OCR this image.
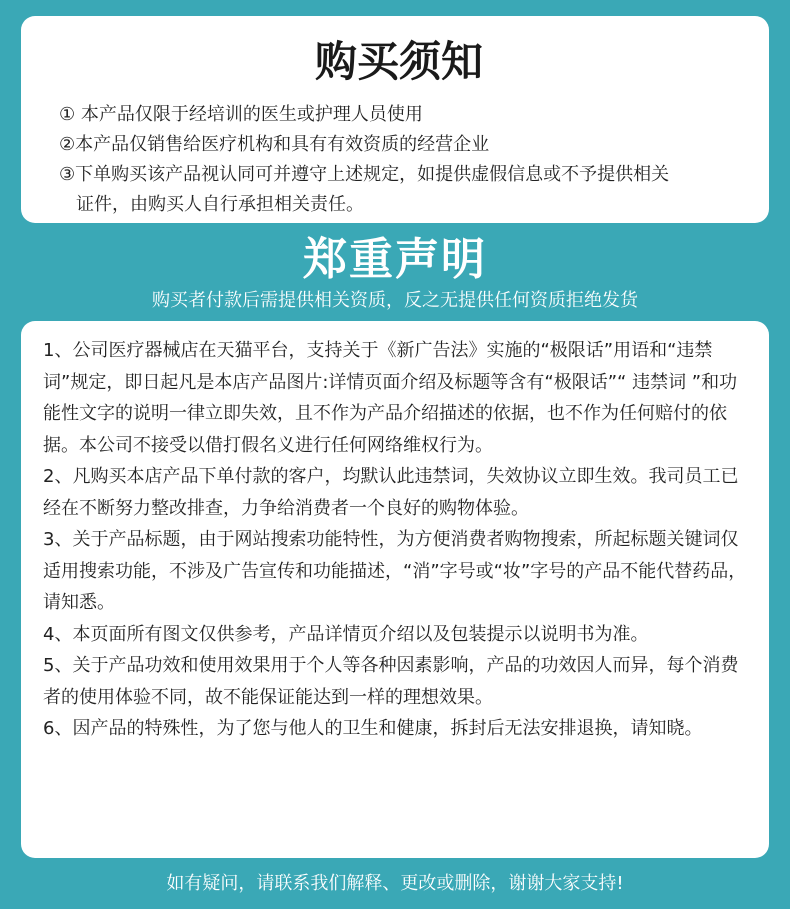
购买须知
① 本产品仅限于经培训的医生或护理人员使用
②本产品仅销售给医疗机构和具有有效资质的经营企业
③下单购买该产品视认同可并遵守上述规定，如提供虚假信息或不予提供相关
证件，由购买人自行承担相关责任。
郑重声明
购买者付款后需提供相关资质，反之无提供任何资质拒绝发货

1、公司医疗器械店在天猫平台，支持关于《新广告法》实施的“极限话”用语和“违禁词”规定，即日起凡是本店产品图片:详情页面介绍及标题等含有“极限话”“ 违禁词 ”和功能性文字的说明一律立即失效，且不作为产品介绍描述的依据，也不作为任何赔付的依据。本公司不接受以借打假名义进行任何网络维权行为。

2、凡购买本店产品下单付款的客户，均默认此违禁词，失效协议立即生效。我司员工已经在不断努力整改排查，力争给消费者一个良好的购物体验。

3、关于产品标题，由于网站搜索功能特性，为方便消费者购物搜索，所起标题关键词仅适用搜索功能，不涉及广告宣传和功能描述，“消”字号或“妆”字号的产品不能代替药品，请知悉。

4、本页面所有图文仅供参考，产品详情页介绍以及包装提示以说明书为准。

5、关于产品功效和使用效果用于个人等各种因素影响，产品的功效因人而异，每个消费者的使用体验不同，故不能保证能达到一样的理想效果。

6、因产品的特殊性，为了您与他人的卫生和健康，拆封后无法安排退换，请知晓。

如有疑问，请联系我们解释、更改或删除，谢谢大家支持!
